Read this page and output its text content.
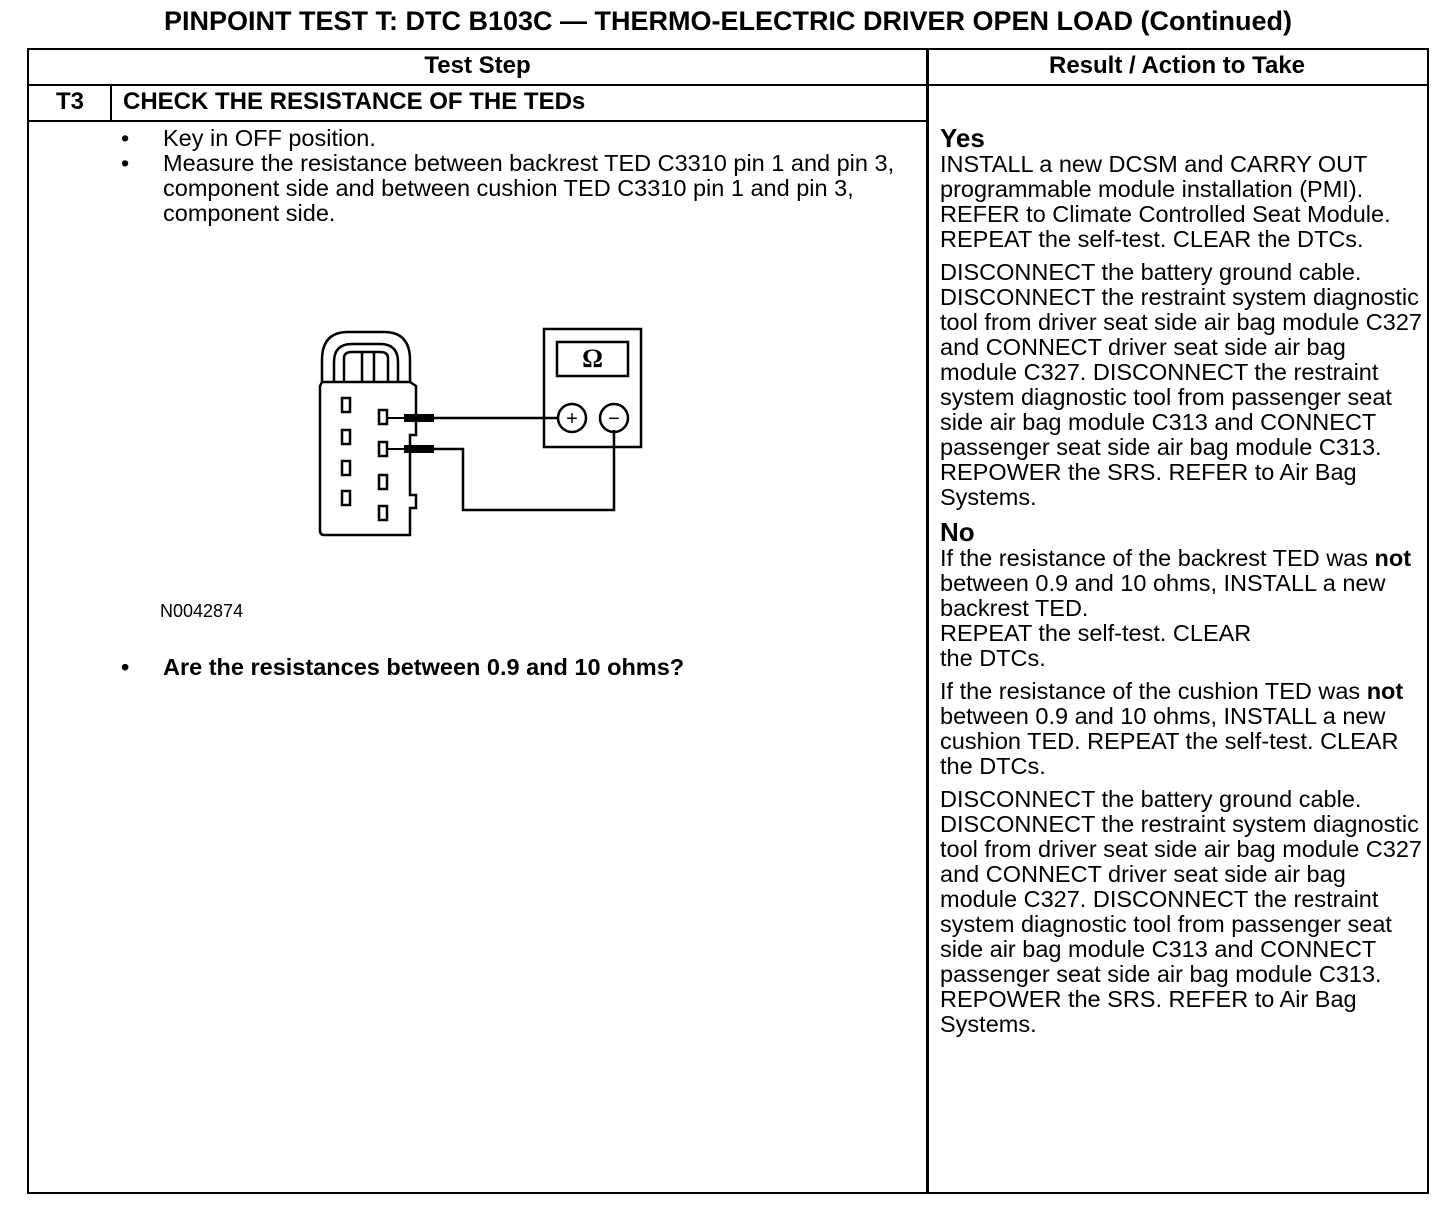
PINPOINT TEST T: DTC B103C — THERMO-ELECTRIC DRIVER OPEN LOAD (Continued)
Test Step	Result / Action to Take
T3	CHECK THE RESISTANCE OF THE TEDs
•	Key in OFF position.
•	Measure the resistance between backrest TED C3310 pin 1 and pin 3, component side and between cushion TED C3310 pin 1 and pin 3, component side.
Ω
+ −
N0042874
•	Are the resistances between 0.9 and 10 ohms?
Yes

INSTALL a new DCSM and CARRY OUT programmable module installation (PMI). REFER to Climate Controlled Seat Module. REPEAT the self-test. CLEAR the DTCs.

DISCONNECT the battery ground cable. DISCONNECT the restraint system diagnostic tool from driver seat side air bag module C327 and CONNECT driver seat side air bag module C327. DISCONNECT the restraint system diagnostic tool from passenger seat side air bag module C313 and CONNECT passenger seat side air bag module C313. REPOWER the SRS. REFER to Air Bag Systems.

No

If the resistance of the backrest TED was not between 0.9 and 10 ohms, INSTALL a new backrest TED.
REPEAT the self-test. CLEAR
the DTCs.

If the resistance of the cushion TED was not between 0.9 and 10 ohms, INSTALL a new cushion TED. REPEAT the self-test. CLEAR the DTCs.

DISCONNECT the battery ground cable. DISCONNECT the restraint system diagnostic tool from driver seat side air bag module C327 and CONNECT driver seat side air bag module C327. DISCONNECT the restraint system diagnostic tool from passenger seat side air bag module C313 and CONNECT passenger seat side air bag module C313. REPOWER the SRS. REFER to Air Bag Systems.
